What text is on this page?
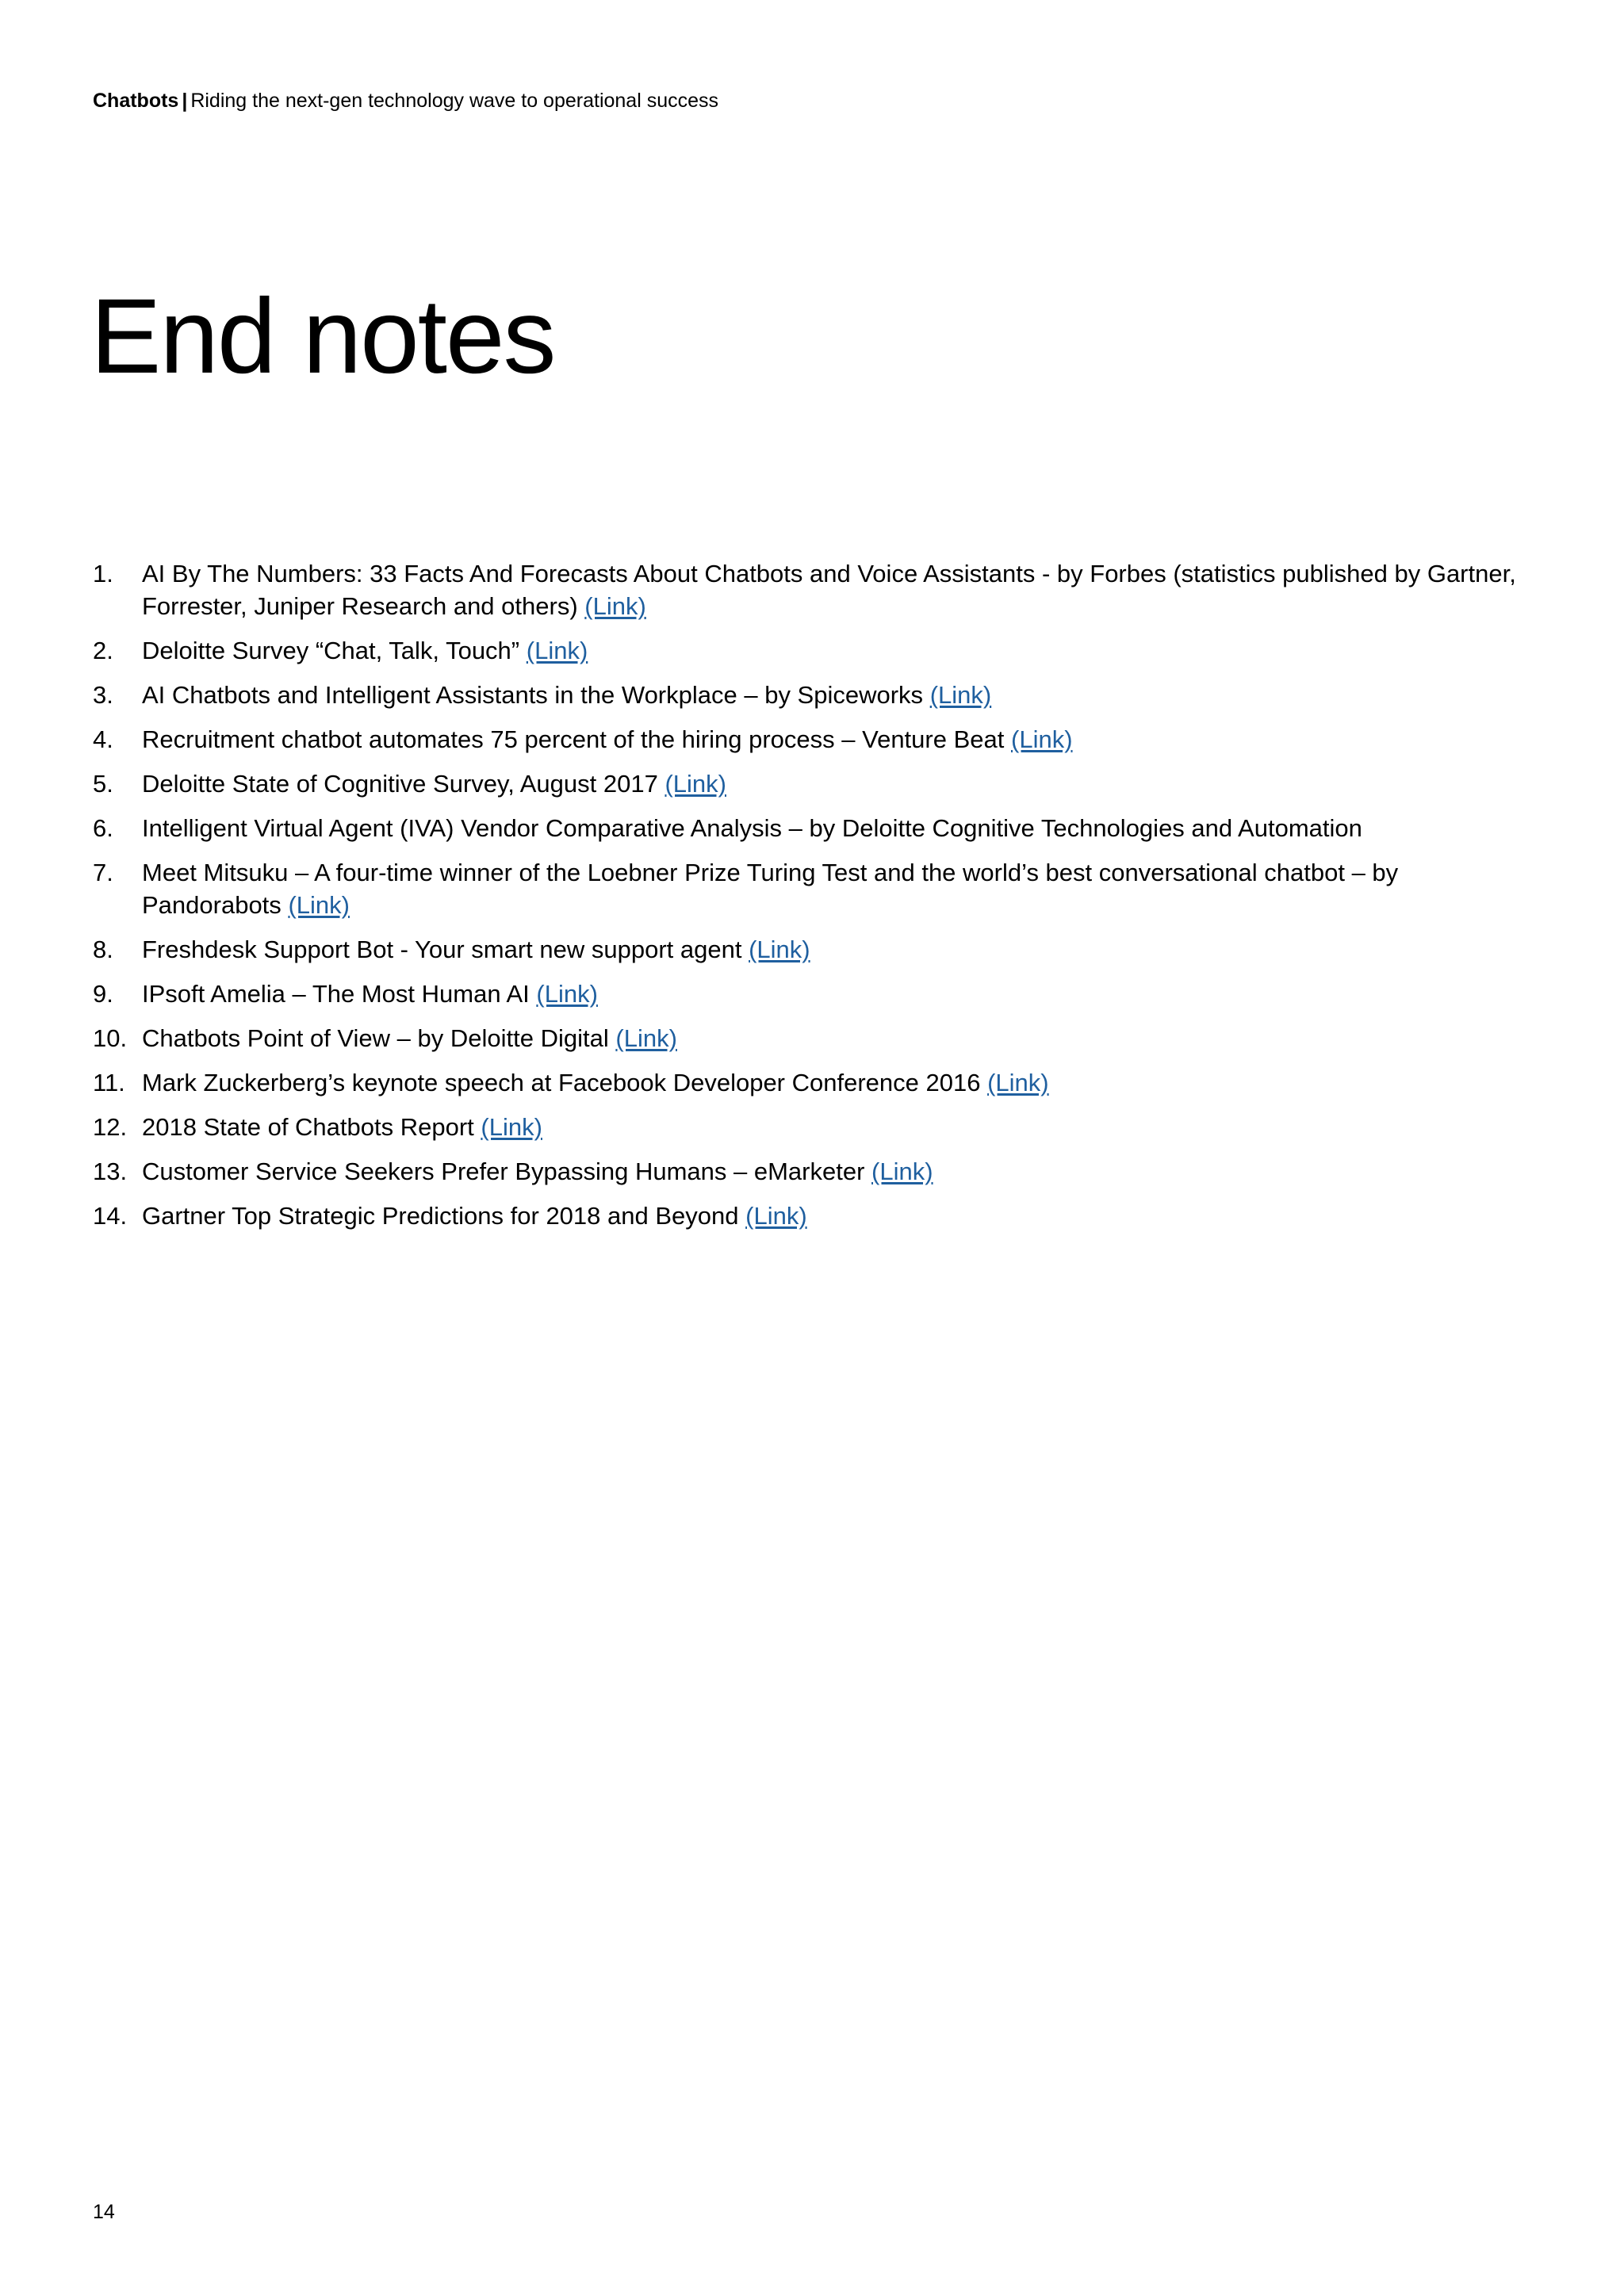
Chatbots | Riding the next-gen technology wave to operational success
End notes
1. AI By The Numbers: 33 Facts And Forecasts About Chatbots and Voice Assistants - by Forbes (statistics published by Gartner, Forrester, Juniper Research and others) (Link)
2. Deloitte Survey “Chat, Talk, Touch” (Link)
3. AI Chatbots and Intelligent Assistants in the Workplace – by Spiceworks (Link)
4. Recruitment chatbot automates 75 percent of the hiring process – Venture Beat (Link)
5. Deloitte State of Cognitive Survey, August 2017 (Link)
6. Intelligent Virtual Agent (IVA) Vendor Comparative Analysis – by Deloitte Cognitive Technologies and Automation
7. Meet Mitsuku – A four-time winner of the Loebner Prize Turing Test and the world’s best conversational chatbot – by Pandorabots (Link)
8. Freshdesk Support Bot - Your smart new support agent (Link)
9. IPsoft Amelia – The Most Human AI (Link)
10. Chatbots Point of View – by Deloitte Digital (Link)
11. Mark Zuckerberg’s keynote speech at Facebook Developer Conference 2016 (Link)
12. 2018 State of Chatbots Report (Link)
13. Customer Service Seekers Prefer Bypassing Humans – eMarketer (Link)
14. Gartner Top Strategic Predictions for 2018 and Beyond (Link)
14
